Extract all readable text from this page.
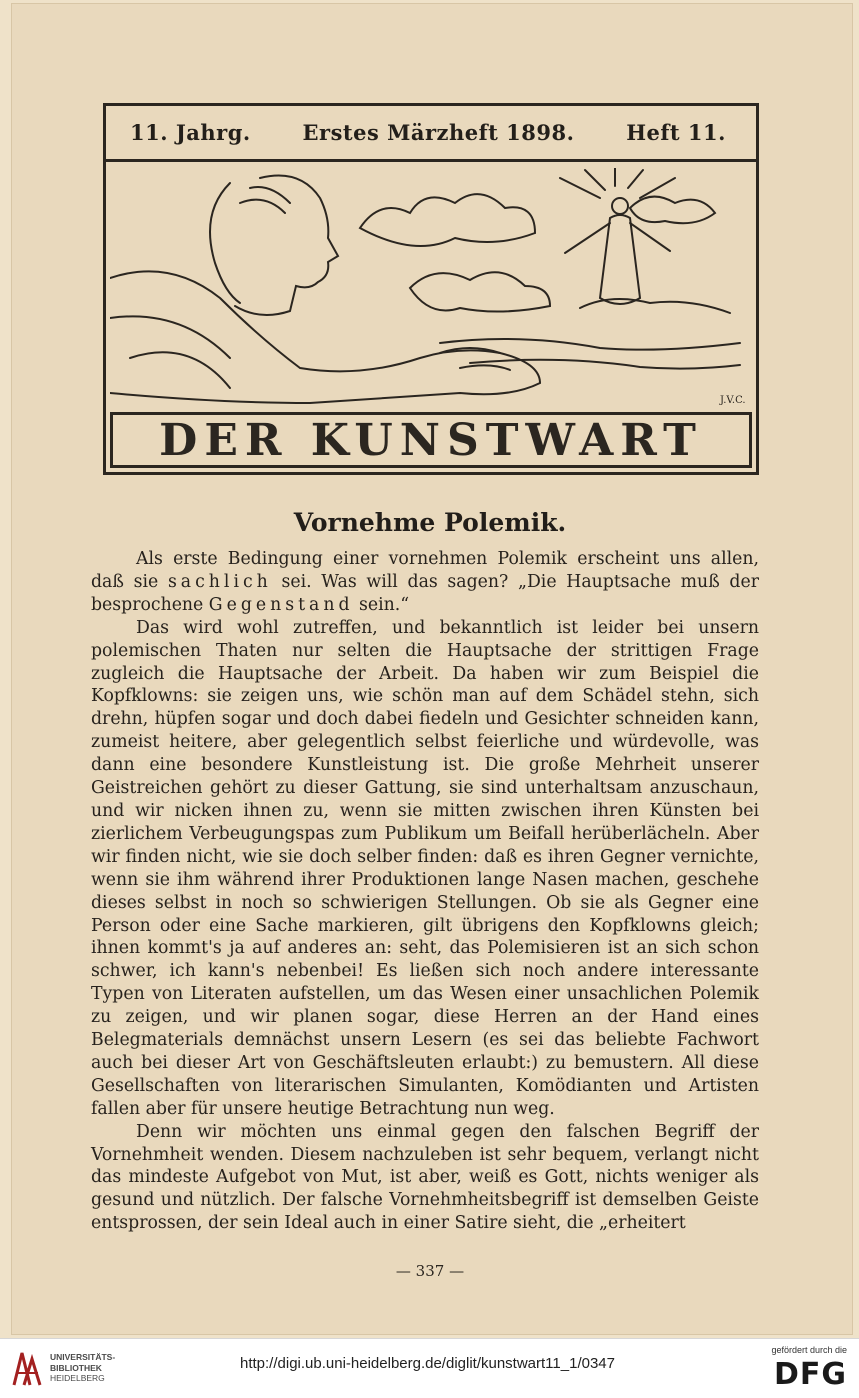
11. Jahrg. Erstes Märzheft 1898. Heft 11.
J.V.C.
DER KUNSTWART
Vornehme Polemik.

Als erste Bedingung einer vornehmen Polemik erscheint uns allen, daß sie sachlich sei. Was will das sagen? „Die Hauptsache muß der besprochene Gegenstand sein.“

Das wird wohl zutreffen, und bekanntlich ist leider bei unsern polemischen Thaten nur selten die Hauptsache der strittigen Frage zugleich die Hauptsache der Arbeit. Da haben wir zum Beispiel die Kopfklowns: sie zeigen uns, wie schön man auf dem Schädel stehn, sich drehn, hüpfen sogar und doch dabei fiedeln und Gesichter schneiden kann, zumeist heitere, aber gelegentlich selbst feierliche und würdevolle, was dann eine besondere Kunstleistung ist. Die große Mehrheit unserer Geistreichen gehört zu dieser Gattung, sie sind unterhaltsam anzuschaun, und wir nicken ihnen zu, wenn sie mitten zwischen ihren Künsten bei zierlichem Verbeugungspas zum Publikum um Beifall herüberlächeln. Aber wir finden nicht, wie sie doch selber finden: daß es ihren Gegner vernichte, wenn sie ihm während ihrer Produktionen lange Nasen machen, geschehe dieses selbst in noch so schwierigen Stellungen. Ob sie als Gegner eine Person oder eine Sache markieren, gilt übrigens den Kopfklowns gleich; ihnen kommt's ja auf anderes an: seht, das Polemisieren ist an sich schon schwer, ich kann's nebenbei! Es ließen sich noch andere interessante Typen von Literaten aufstellen, um das Wesen einer unsachlichen Polemik zu zeigen, und wir planen sogar, diese Herren an der Hand eines Belegmaterials demnächst unsern Lesern (es sei das beliebte Fachwort auch bei dieser Art von Geschäftsleuten erlaubt:) zu bemustern. All diese Gesellschaften von literarischen Simulanten, Komödianten und Artisten fallen aber für unsere heutige Betrachtung nun weg.

Denn wir möchten uns einmal gegen den falschen Begriff der Vornehmheit wenden. Diesem nachzuleben ist sehr bequem, verlangt nicht das mindeste Aufgebot von Mut, ist aber, weiß es Gott, nichts weniger als gesund und nützlich. Der falsche Vornehmheitsbegriff ist demselben Geiste entsprossen, der sein Ideal auch in einer Satire sieht, die „erheitert

— 337 —
UNIVERSITÄTS-
BIBLIOTHEK
HEIDELBERG
http://digi.ub.uni-heidelberg.de/diglit/kunstwart11_1/0347
gefördert durch die
DFG
